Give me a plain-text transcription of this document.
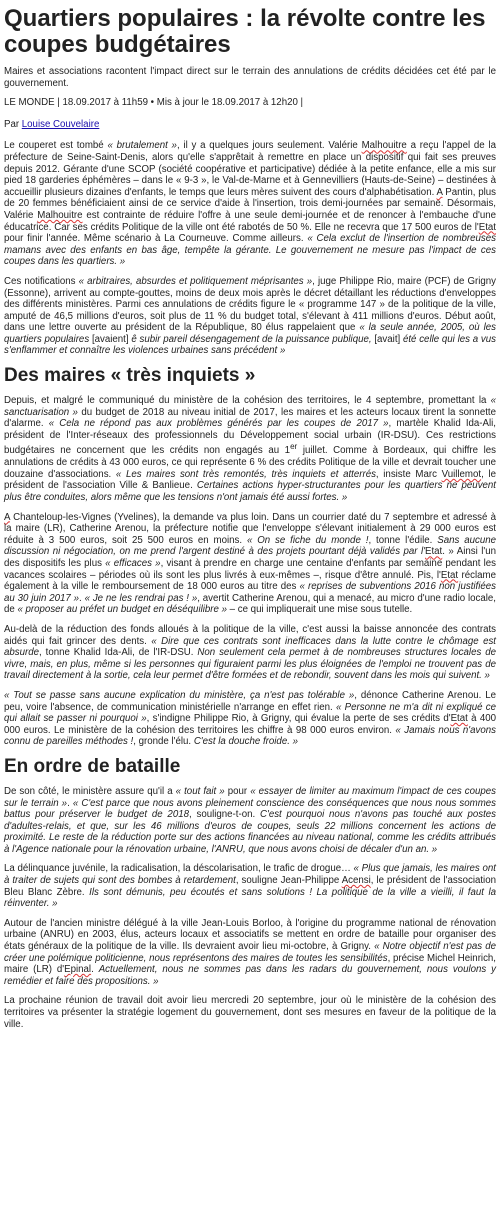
Quartiers populaires : la révolte contre les coupes budgétaires

Maires et associations racontent l'impact direct sur le terrain des annulations de crédits décidées cet été par le gouvernement.

LE MONDE | 18.09.2017 à 11h59 • Mis à jour le 18.09.2017 à 12h20 |

Par Louise Couvelaire

Le couperet est tombé « brutalement », il y a quelques jours seulement. Valérie Malhouitre a reçu l'appel de la préfecture de Seine-Saint-Denis, alors qu'elle s'apprêtait à remettre en place un dispositif qui fait ses preuves depuis 2012. Gérante d'une SCOP (société coopérative et participative) dédiée à la petite enfance, elle a mis sur pied 18 garderies éphémères – dans le « 9-3 », le Val-de-Marne et à Gennevilliers (Hauts-de-Seine) – destinées à accueillir plusieurs dizaines d'enfants, le temps que leurs mères suivent des cours d'alphabétisation. A Pantin, plus de 20 femmes bénéficiaient ainsi de ce service d'aide à l'insertion, trois demi-journées par semaine. Désormais, Valérie Malhouitre est contrainte de réduire l'offre à une seule demi-journée et de renoncer à l'embauche d'une éducatrice. Car ses crédits Politique de la ville ont été rabotés de 50 %. Elle ne recevra que 17 500 euros de l'Etat pour finir l'année. Même scénario à La Courneuve. Comme ailleurs. « Cela exclut de l'insertion de nombreuses mamans avec des enfants en bas âge, tempête la gérante. Le gouvernement ne mesure pas l'impact de ces coupes dans les quartiers. »

Ces notifications « arbitraires, absurdes et politiquement méprisantes », juge Philippe Rio, maire (PCF) de Grigny (Essonne), arrivent au compte-gouttes, moins de deux mois après le décret détaillant les réductions d'enveloppes des différents ministères. Parmi ces annulations de crédits figure le « programme 147 » de la politique de la ville, amputé de 46,5 millions d'euros, soit plus de 11 % du budget total, s'élevant à 411 millions d'euros. Début août, dans une lettre ouverte au président de la République, 80 élus rappelaient que « la seule année, 2005, où les quartiers populaires [avaient] ê subir pareil désengagement de la puissance publique, [avait] été celle qui les a vus s'enflammer et connaître les violences urbaines sans précédent »

Des maires « très inquiets »

Depuis, et malgré le communiqué du ministère de la cohésion des territoires, le 4 septembre, promettant la « sanctuarisation » du budget de 2018 au niveau initial de 2017, les maires et les acteurs locaux tirent la sonnette d'alarme. « Cela ne répond pas aux problèmes générés par les coupes de 2017 », martèle Khalid Ida-Ali, président de l'Inter-réseaux des professionnels du Développement social urbain (IR-DSU). Ces restrictions budgétaires ne concernent que les crédits non engagés au 1er juillet. Comme à Bordeaux, qui chiffre les annulations de crédits à 43 000 euros, ce qui représente 6 % des crédits Politique de la ville et devrait toucher une douzaine d'associations. « Les maires sont très remontés, très inquiets et atterrés, insiste Marc Vuillemot, le président de l'association Ville & Banlieue. Certaines actions hyper-structurantes pour les quartiers ne peuvent plus être conduites, alors même que les tensions n'ont jamais été aussi fortes. »

A Chanteloup-les-Vignes (Yvelines), la demande va plus loin. Dans un courrier daté du 7 septembre et adressé à la maire (LR), Catherine Arenou, la préfecture notifie que l'enveloppe s'élevant initialement à 29 000 euros est réduite à 3 500 euros, soit 25 500 euros en moins. « On se fiche du monde !, tonne l'édile. Sans aucune discussion ni négociation, on me prend l'argent destiné à des projets pourtant déjà validés par l'Etat. » Ainsi l'un des dispositifs les plus « efficaces », visant à prendre en charge une centaine d'enfants par semaine pendant les vacances scolaires – périodes où ils sont les plus livrés à eux-mêmes –, risque d'être annulé. Pis, l'Etat réclame également à la ville le remboursement de 18 000 euros au titre des « reprises de subventions 2016 non justifiées au 30 juin 2017 ». « Je ne les rendrai pas ! », avertit Catherine Arenou, qui a menacé, au micro d'une radio locale, de « proposer au préfet un budget en déséquilibre » – ce qui impliquerait une mise sous tutelle.

Au-delà de la réduction des fonds alloués à la politique de la ville, c'est aussi la baisse annoncée des contrats aidés qui fait grincer des dents. « Dire que ces contrats sont inefficaces dans la lutte contre le chômage est absurde, tonne Khalid Ida-Ali, de l'IR-DSU. Non seulement cela permet à de nombreuses structures locales de vivre, mais, en plus, même si les personnes qui figuraient parmi les plus éloignées de l'emploi ne trouvent pas de travail directement à la sortie, cela leur permet d'être formées et de rebondir, souvent dans les mois qui suivent. »

« Tout se passe sans aucune explication du ministère, ça n'est pas tolérable », dénonce Catherine Arenou. Le peu, voire l'absence, de communication ministérielle n'arrange en effet rien. « Personne ne m'a dit ni expliqué ce qui allait se passer ni pourquoi », s'indigne Philippe Rio, à Grigny, qui évalue la perte de ses crédits d'Etat à 400 000 euros. Le ministère de la cohésion des territoires les chiffre à 98 000 euros environ. « Jamais nous n'avons connu de pareilles méthodes !, gronde l'élu. C'est la douche froide. »

En ordre de bataille

De son côté, le ministère assure qu'il a « tout fait » pour « essayer de limiter au maximum l'impact de ces coupes sur le terrain ». « C'est parce que nous avons pleinement conscience des conséquences que nous nous sommes battus pour préserver le budget de 2018, souligne-t-on. C'est pourquoi nous n'avons pas touché aux postes d'adultes-relais, et que, sur les 46 millions d'euros de coupes, seuls 22 millions concernent les actions de proximité. Le reste de la réduction porte sur des actions financées au niveau national, comme les crédits attribués à l'Agence nationale pour la rénovation urbaine, l'ANRU, que nous avons choisi de décaler d'un an. »

La délinquance juvénile, la radicalisation, la déscolarisation, le trafic de drogue… « Plus que jamais, les maires ont à traiter de sujets qui sont des bombes à retardement, souligne Jean-Philippe Acensi, le président de l'association Bleu Blanc Zèbre. Ils sont démunis, peu écoutés et sans solutions ! La politique de la ville a vieilli, il faut la réinventer. »

Autour de l'ancien ministre délégué à la ville Jean-Louis Borloo, à l'origine du programme national de rénovation urbaine (ANRU) en 2003, élus, acteurs locaux et associatifs se mettent en ordre de bataille pour organiser des états généraux de la politique de la ville. Ils devraient avoir lieu mi-octobre, à Grigny. « Notre objectif n'est pas de créer une polémique politicienne, nous représentons des maires de toutes les sensibilités, précise Michel Heinrich, maire (LR) d'Epinal. Actuellement, nous ne sommes pas dans les radars du gouvernement, nous voulons y remédier et faire des propositions. »

La prochaine réunion de travail doit avoir lieu mercredi 20 septembre, jour où le ministère de la cohésion des territoires va présenter la stratégie logement du gouvernement, dont ses mesures en faveur de la politique de la ville.
